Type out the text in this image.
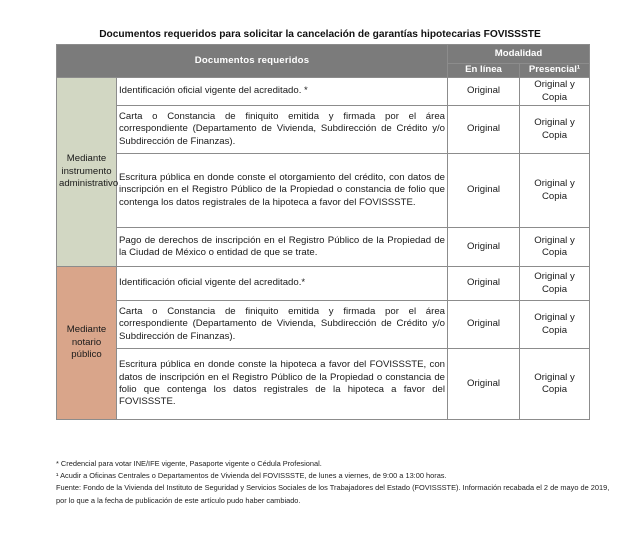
Documentos requeridos para solicitar la cancelación de garantías hipotecarias FOVISSSTE
Documentos requeridos		Modalidad	
		En línea	Presencial¹
Mediante instrumento administrativo	Identificación oficial vigente del acreditado. *	Original	Original y Copia
	Carta o Constancia de finiquito emitida y firmada por el área correspondiente (Departamento de Vivienda, Subdirección de Crédito y/o Subdirección de Finanzas).	Original	Original y Copia
	Escritura pública en donde conste el otorgamiento del crédito, con datos de inscripción en el Registro Público de la Propiedad o constancia de folio que contenga los datos registrales de la hipoteca a favor del FOVISSSTE.	Original	Original y Copia
	Pago de derechos de inscripción en el Registro Público de la Propiedad de la Ciudad de México o entidad de que se trate.	Original	Original y Copia
Mediante notario público	Identificación oficial vigente del acreditado.*	Original	Original y Copia
	Carta o Constancia de finiquito emitida y firmada por el área correspondiente (Departamento de Vivienda, Subdirección de Crédito y/o Subdirección de Finanzas).	Original	Original y Copia
	Escritura pública en donde conste la hipoteca a favor del FOVISSSTE, con datos de inscripción en el Registro Público de la Propiedad o constancia de folio que contenga los datos registrales de la hipoteca a favor del FOVISSSTE.	Original	Original y Copia
* Credencial para votar INE/IFE vigente, Pasaporte vigente o Cédula Profesional.
¹ Acudir a Oficinas Centrales o Departamentos de Vivienda del FOVISSSTE, de lunes a viernes, de 9:00 a 13:00 horas.
Fuente: Fondo de la Vivienda del Instituto de Seguridad y Servicios Sociales de los Trabajadores del Estado (FOVISSSTE). Información recabada el 2 de mayo de 2019, por lo que a la fecha de publicación de este artículo pudo haber cambiado.
